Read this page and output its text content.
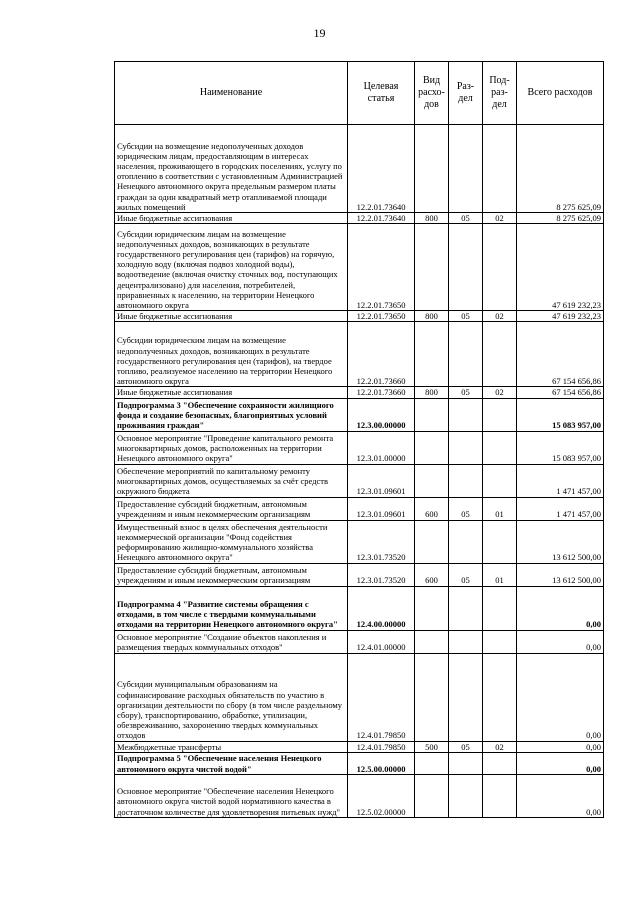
19
Наименование	Целевая статья	Вид расхо-дов	Раз-дел	Под-раз-дел	Всего расходов
Субсидии на возмещение недополученных доходов юридическим лицам, предоставляющим в интересах населения, проживающего в городских поселениях, услугу по отоплению в соответствии с установленным Администрацией Ненецкого автономного округа предельным размером платы граждан за один квадратный метр отапливаемой площади жилых помещений	12.2.01.73640				8 275 625,09
Иные бюджетные ассигнования	12.2.01.73640	800	05	02	8 275 625,09
Субсидии юридическим лицам на возмещение недополученных доходов, возникающих в результате государственного регулирования цен (тарифов) на горячую, холодную воду (включая подвоз холодной воды), водоотведение (включая очистку сточных вод, поступающих децентрализовано) для населения, потребителей, приравненных к населению, на территории Ненецкого автономного округа	12.2.01.73650				47 619 232,23
Иные бюджетные ассигнования	12.2.01.73650	800	05	02	47 619 232,23
Субсидии юридическим лицам на возмещение недополученных доходов, возникающих в результате государственного регулирования цен (тарифов), на твердое топливо, реализуемое населению на территории Ненецкого автономного округа	12.2.01.73660				67 154 656,86
Иные бюджетные ассигнования	12.2.01.73660	800	05	02	67 154 656,86
Подпрограмма 3 "Обеспечение сохранности жилищного фонда и создание безопасных, благоприятных условий проживания граждан"	12.3.00.00000				15 083 957,00
Основное мероприятие "Проведение капитального ремонта многоквартирных домов, расположенных на территории Ненецкого автономного округа"	12.3.01.00000				15 083 957,00
Обеспечение мероприятий по капитальному ремонту многоквартирных домов, осуществляемых за счёт средств окружного бюджета	12.3.01.09601				1 471 457,00
Предоставление субсидий бюджетным, автономным учреждениям и иным некоммерческим организациям	12.3.01.09601	600	05	01	1 471 457,00
Имущественный взнос в целях обеспечения деятельности некоммерческой организации "Фонд содействия реформированию жилищно-коммунального хозяйства Ненецкого автономного округа"	12.3.01.73520				13 612 500,00
Предоставление субсидий бюджетным, автономным учреждениям и иным некоммерческим организациям	12.3.01.73520	600	05	01	13 612 500,00
Подпрограмма 4 "Развитие системы обращения с отходами, в том числе с твердыми коммунальными отходами на территории Ненецкого автономного округа"	12.4.00.00000				0,00
Основное мероприятие "Создание объектов накопления и размещения твердых коммунальных отходов"	12.4.01.00000				0,00
Субсидии муниципальным образованиям на софинансирование расходных обязательств по участию в организации деятельности по сбору (в том числе раздельному сбору), транспортированию, обработке, утилизации, обезвреживанию, захоронению твердых коммунальных отходов	12.4.01.79850				0,00
Межбюджетные трансферты	12.4.01.79850	500	05	02	0,00
Подпрограмма 5 "Обеспечение населения Ненецкого автономного округа чистой водой"	12.5.00.00000				0,00
Основное мероприятие "Обеспечение населения Ненецкого автономного округа чистой водой нормативного качества в достаточном количестве для удовлетворения питьевых нужд"	12.5.02.00000				0,00
